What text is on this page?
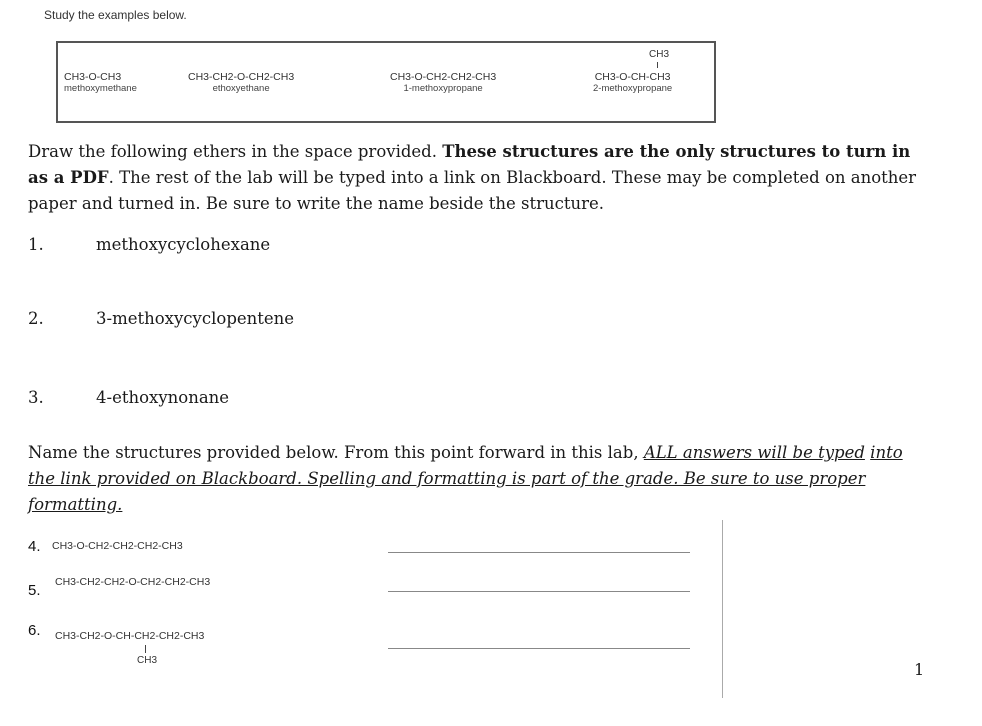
Study the examples below.
CH3-O-CH3
methoxymethane
CH3-CH2-O-CH2-CH3
ethoxyethane
CH3-O-CH2-CH2-CH3
1-methoxypropane
CH3
CH3-O-CH-CH3
2-methoxypropane
Draw the following ethers in the space provided. These structures are the only structures to turn in as a PDF. The rest of the lab will be typed into a link on Blackboard. These may be completed on another paper and turned in. Be sure to write the name beside the structure.
1.	methoxycyclohexane
2.	3-methoxycyclopentene
3.	4-ethoxynonane
Name the structures provided below. From this point forward in this lab, ALL answers will be typed into the link provided on Blackboard. Spelling and formatting is part of the grade. Be sure to use proper formatting.
4. CH3-O-CH2-CH2-CH2-CH3
5. CH3-CH2-CH2-O-CH2-CH2-CH3
6. CH3-CH2-O-CH-CH2-CH2-CH3
CH3	1
